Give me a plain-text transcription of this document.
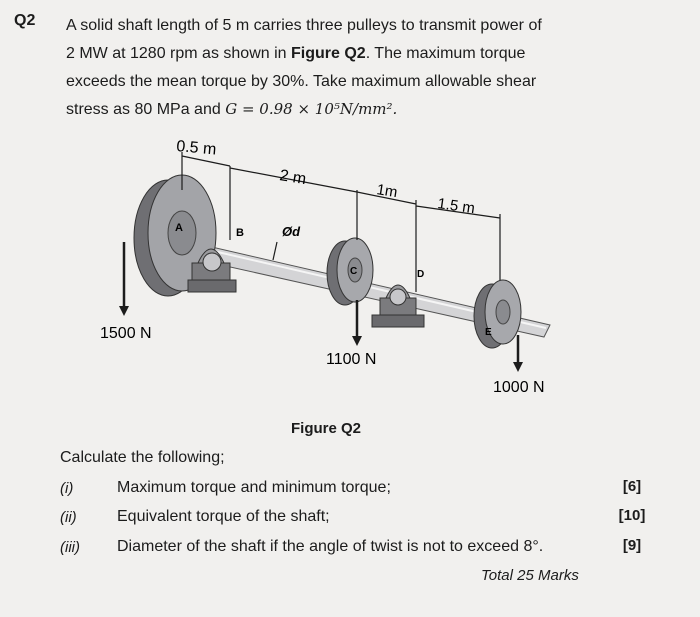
Q2 A solid shaft length of 5 m carries three pulleys to transmit power of
2 MW at 1280 rpm as shown in Figure Q2. The maximum torque
exceeds the mean torque by 30%. Take maximum allowable shear
stress as 80 MPa and G = 0.98 × 10⁵N/mm².
0.5 m
2 m
1m
1.5 m
Ød
A	B
C	D
E
1500 N
1100 N
1000 N
Figure Q2
Calculate the following;
(i)	Maximum torque and minimum torque;	[6]
(ii)	Equivalent torque of the shaft;	[10]
(iii) Diameter of the shaft if the angle of twist is not to exceed 8°.	[9]
Total 25 Marks
